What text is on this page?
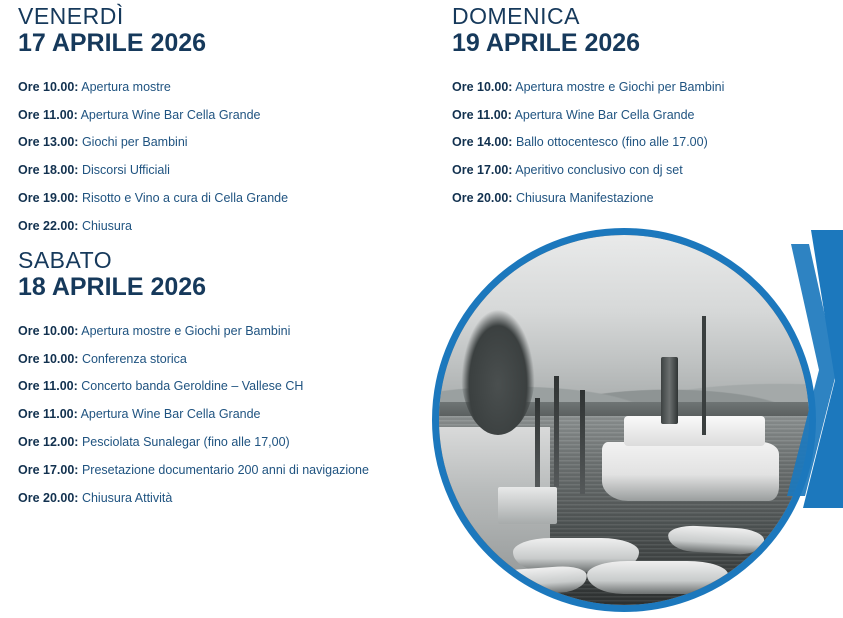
VENERDÌ
17 APRILE 2026
Ore 10.00: Apertura mostre
Ore 11.00: Apertura Wine Bar Cella Grande
Ore 13.00: Giochi per Bambini
Ore 18.00: Discorsi Ufficiali
Ore 19.00: Risotto e Vino a cura di Cella Grande
Ore 22.00: Chiusura
DOMENICA
19 APRILE 2026
Ore 10.00: Apertura mostre e Giochi per Bambini
Ore 11.00: Apertura Wine Bar Cella Grande
Ore 14.00: Ballo ottocentesco (fino alle 17.00)
Ore 17.00: Aperitivo conclusivo con dj set
Ore 20.00: Chiusura Manifestazione
SABATO
18 APRILE 2026
Ore 10.00: Apertura mostre e Giochi per Bambini
Ore 10.00: Conferenza storica
Ore 11.00: Concerto banda Geroldine – Vallese CH
Ore 11.00: Apertura Wine Bar Cella Grande
Ore 12.00: Pesciolata Sunalegar (fino alle 17,00)
Ore 17.00: Presetazione documentario 200 anni di navigazione
Ore 20.00: Chiusura Attività
